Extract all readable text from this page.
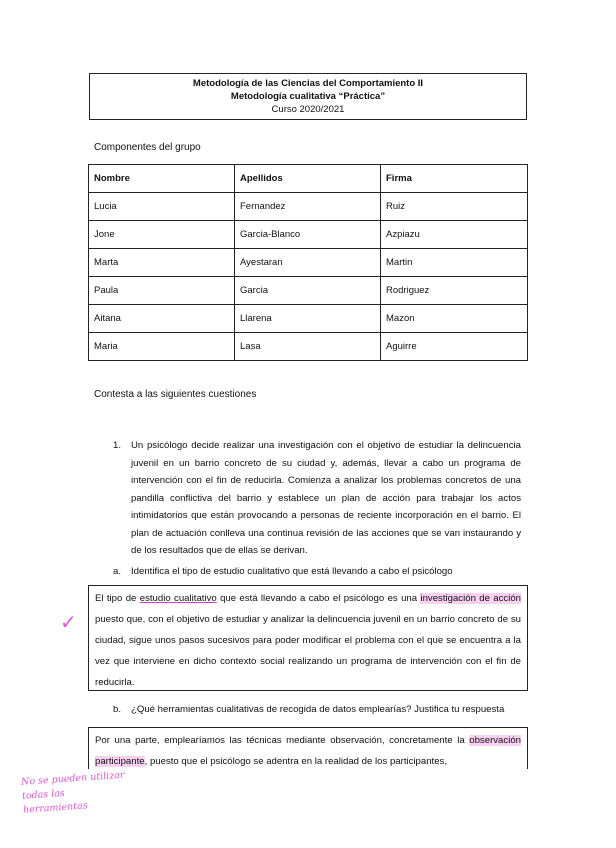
Metodología de las Ciencias del Comportamiento II
Metodología cualitativa “Práctica”
Curso 2020/2021
Componentes del grupo
Nombre	Apellidos	Firma
Lucia	Fernandez	Ruiz
Jone	Garcia-Blanco	Azpiazu
Marta	Ayestaran	Martin
Paula	Garcia	Rodriguez
Aitana	Llarena	Mazon
Maria	Lasa	Aguirre
Contesta a las siguientes cuestiones
1. Un psicólogo decide realizar una investigación con el objetivo de estudiar la delincuencia juvenil en un barrio concreto de su ciudad y, además, llevar a cabo un programa de intervención con el fin de reducirla. Comienza a analizar los problemas concretos de una pandilla conflictiva del barrio y establece un plan de acción para trabajar los actos intimidatorios que están provocando a personas de reciente incorporación en el barrio. El plan de actuación conlleva una continua revisión de las acciones que se van instaurando y de los resultados que de ellas se derivan.
a. Identifica el tipo de estudio cualitativo que está llevando a cabo el psicólogo
El tipo de estudio cualitativo que está llevando a cabo el psicólogo es una investigación de acción puesto que, con el objetivo de estudiar y analizar la delincuencia juvenil en un barrio concreto de su ciudad, sigue unos pasos sucesivos para poder modificar el problema con el que se encuentra a la vez que interviene en dicho contexto social realizando un programa de intervención con el fin de reducirla.
✓
b. ¿Qué herramientas cualitativas de recogida de datos emplearías? Justifica tu respuesta
Por una parte, emplearíamos las técnicas mediante observación, concretamente la observación participante, puesto que el psicólogo se adentra en la realidad de los participantes,
No se pueden utilizar todas las herramientas
